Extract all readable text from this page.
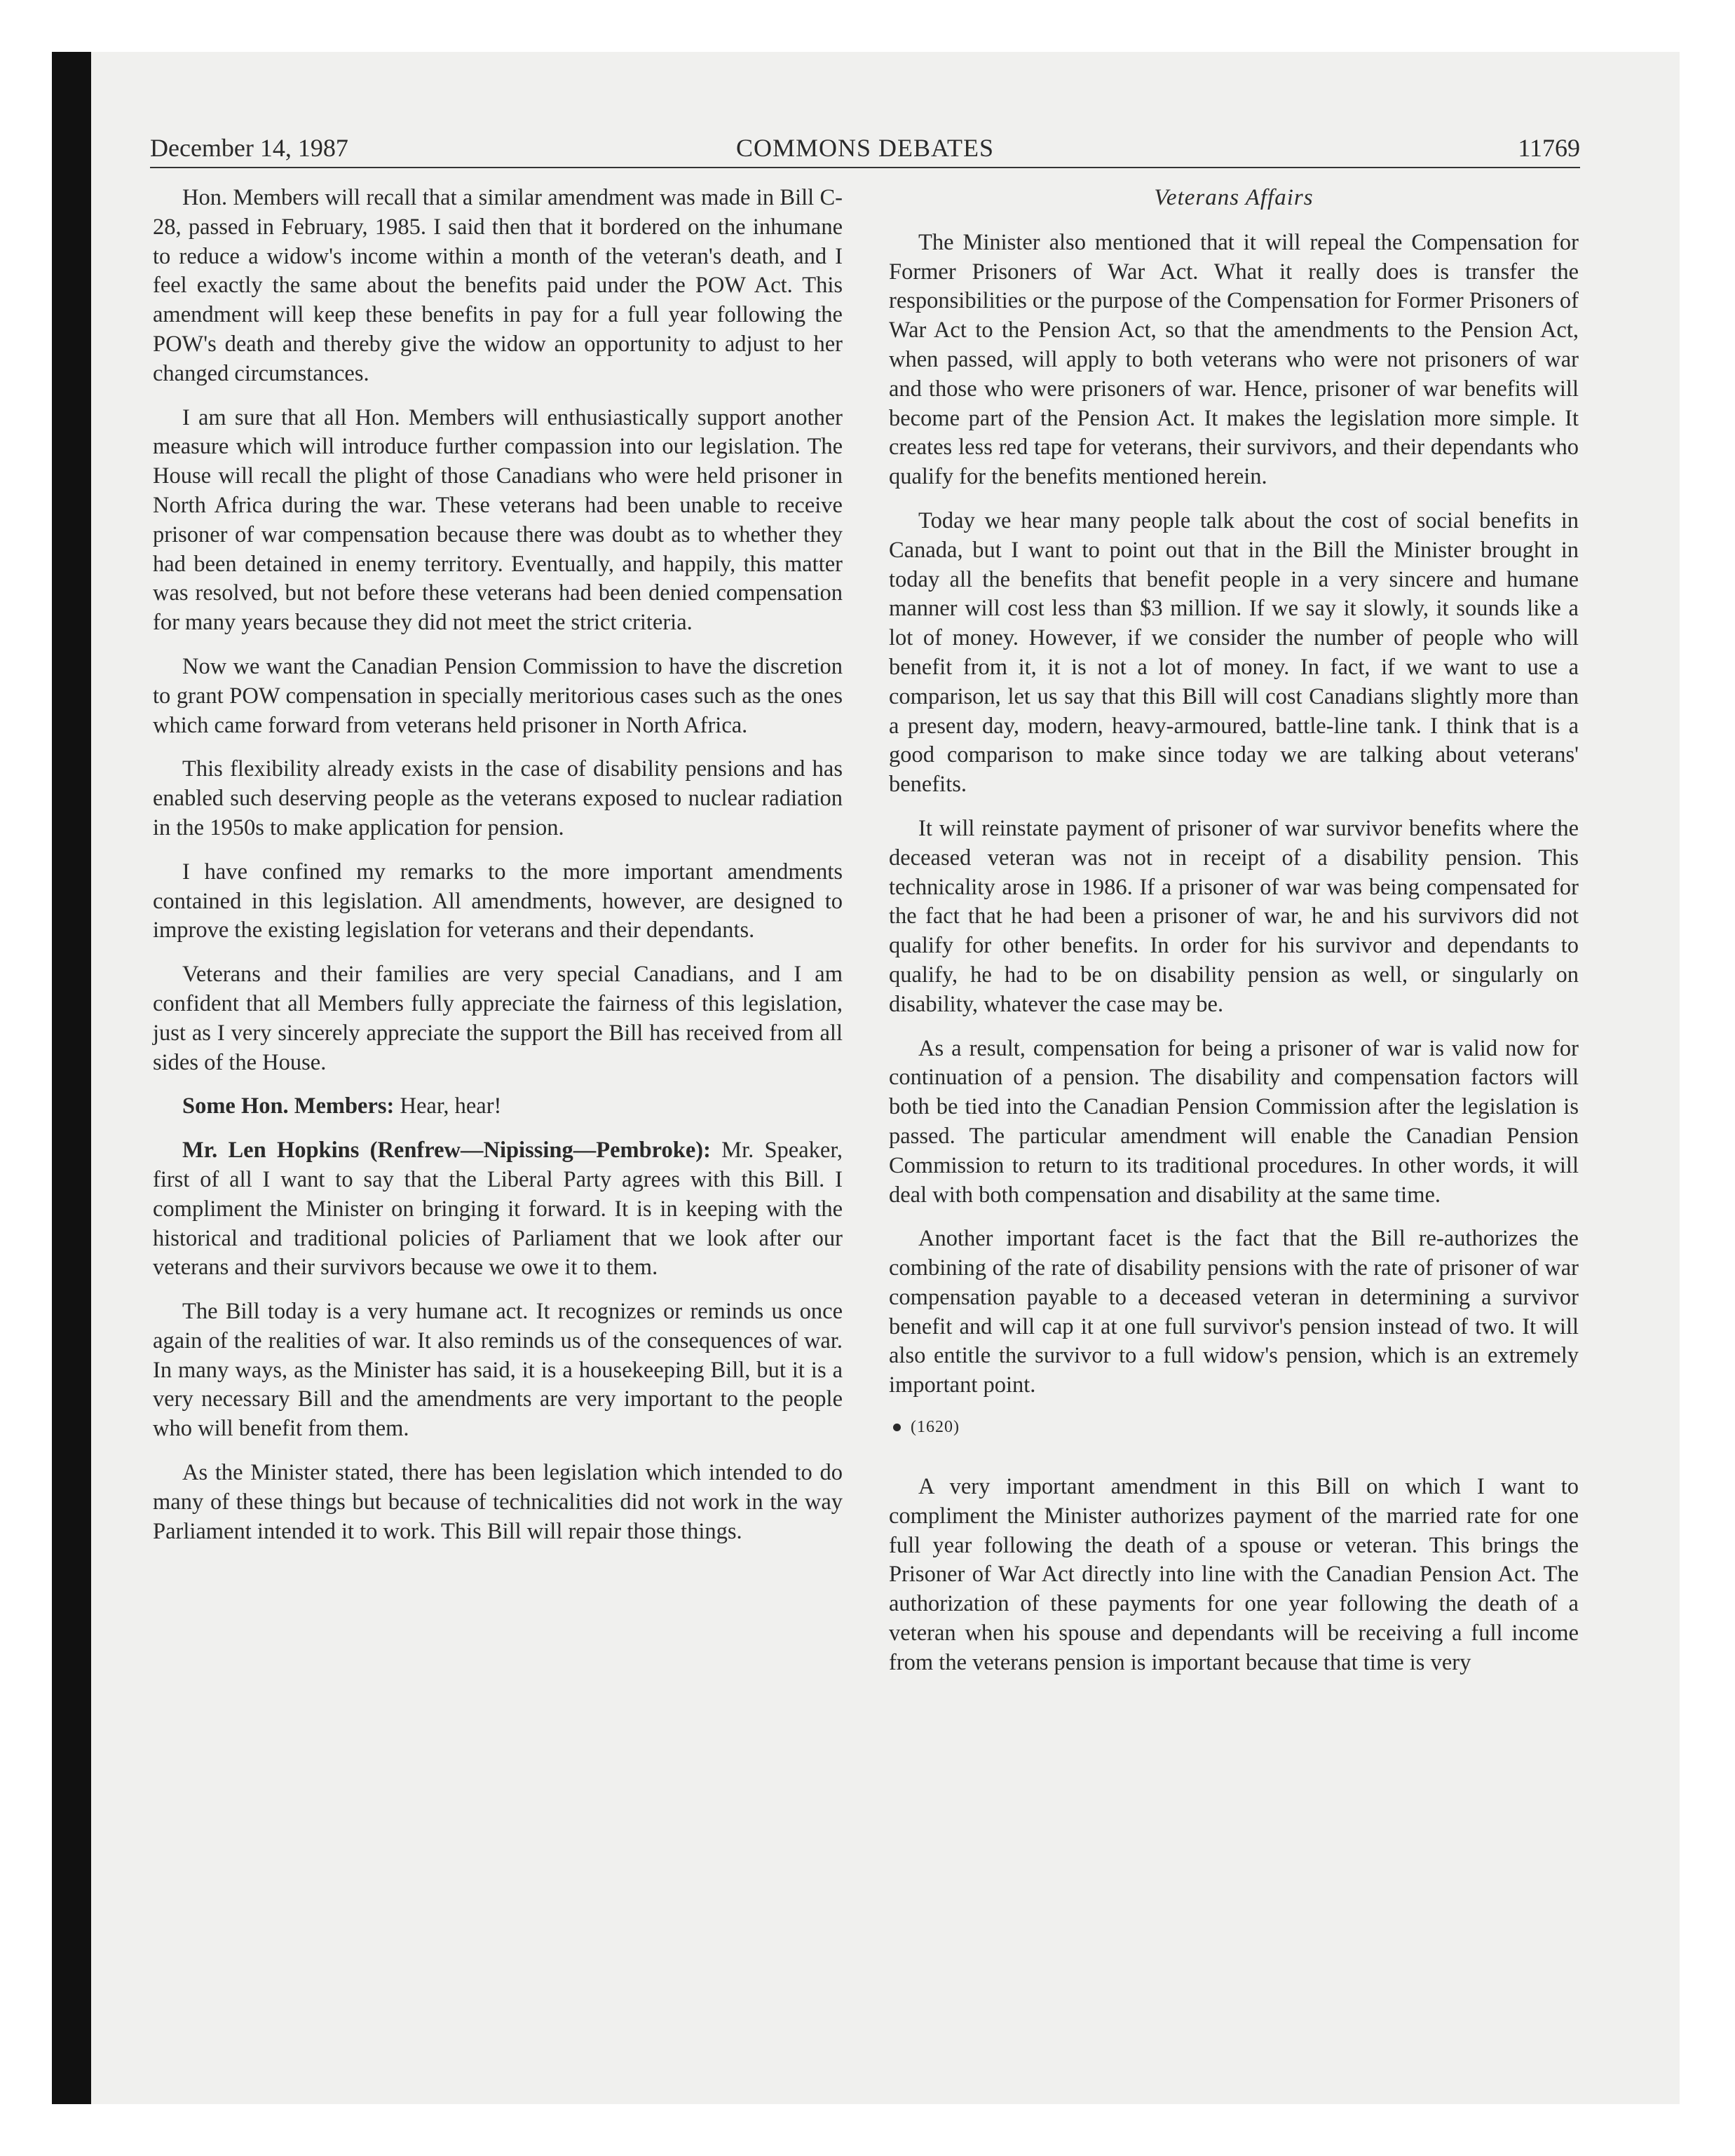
December 14, 1987	COMMONS DEBATES	11769

Hon. Members will recall that a similar amendment was made in Bill C-28, passed in February, 1985. I said then that it bordered on the inhumane to reduce a widow's income within a month of the veteran's death, and I feel exactly the same about the benefits paid under the POW Act. This amendment will keep these benefits in pay for a full year following the POW's death and thereby give the widow an opportunity to adjust to her changed circumstances.

I am sure that all Hon. Members will enthusiastically support another measure which will introduce further compassion into our legislation. The House will recall the plight of those Canadians who were held prisoner in North Africa during the war. These veterans had been unable to receive prisoner of war compensation because there was doubt as to whether they had been detained in enemy territory. Eventually, and happily, this matter was resolved, but not before these veterans had been denied compensation for many years because they did not meet the strict criteria.

Now we want the Canadian Pension Commission to have the discretion to grant POW compensation in specially meritorious cases such as the ones which came forward from veterans held prisoner in North Africa.

This flexibility already exists in the case of disability pensions and has enabled such deserving people as the veterans exposed to nuclear radiation in the 1950s to make application for pension.

I have confined my remarks to the more important amendments contained in this legislation. All amendments, however, are designed to improve the existing legislation for veterans and their dependants.

Veterans and their families are very special Canadians, and I am confident that all Members fully appreciate the fairness of this legislation, just as I very sincerely appreciate the support the Bill has received from all sides of the House.

Some Hon. Members: Hear, hear!

Mr. Len Hopkins (Renfrew—Nipissing—Pembroke): Mr. Speaker, first of all I want to say that the Liberal Party agrees with this Bill. I compliment the Minister on bringing it forward. It is in keeping with the historical and traditional policies of Parliament that we look after our veterans and their survivors because we owe it to them.

The Bill today is a very humane act. It recognizes or reminds us once again of the realities of war. It also reminds us of the consequences of war. In many ways, as the Minister has said, it is a housekeeping Bill, but it is a very necessary Bill and the amendments are very important to the people who will benefit from them.

As the Minister stated, there has been legislation which intended to do many of these things but because of technicalities did not work in the way Parliament intended it to work. This Bill will repair those things.

Veterans Affairs

The Minister also mentioned that it will repeal the Compensation for Former Prisoners of War Act. What it really does is transfer the responsibilities or the purpose of the Compensation for Former Prisoners of War Act to the Pension Act, so that the amendments to the Pension Act, when passed, will apply to both veterans who were not prisoners of war and those who were prisoners of war. Hence, prisoner of war benefits will become part of the Pension Act. It makes the legislation more simple. It creates less red tape for veterans, their survivors, and their dependants who qualify for the benefits mentioned herein.

Today we hear many people talk about the cost of social benefits in Canada, but I want to point out that in the Bill the Minister brought in today all the benefits that benefit people in a very sincere and humane manner will cost less than $3 million. If we say it slowly, it sounds like a lot of money. However, if we consider the number of people who will benefit from it, it is not a lot of money. In fact, if we want to use a comparison, let us say that this Bill will cost Canadians slightly more than a present day, modern, heavy-armoured, battle-line tank. I think that is a good comparison to make since today we are talking about veterans' benefits.

It will reinstate payment of prisoner of war survivor benefits where the deceased veteran was not in receipt of a disability pension. This technicality arose in 1986. If a prisoner of war was being compensated for the fact that he had been a prisoner of war, he and his survivors did not qualify for other benefits. In order for his survivor and dependants to qualify, he had to be on disability pension as well, or singularly on disability, whatever the case may be.

As a result, compensation for being a prisoner of war is valid now for continuation of a pension. The disability and compensation factors will both be tied into the Canadian Pension Commission after the legislation is passed. The particular amendment will enable the Canadian Pension Commission to return to its traditional procedures. In other words, it will deal with both compensation and disability at the same time.

Another important facet is the fact that the Bill re-authorizes the combining of the rate of disability pensions with the rate of prisoner of war compensation payable to a deceased veteran in determining a survivor benefit and will cap it at one full survivor's pension instead of two. It will also entitle the survivor to a full widow's pension, which is an extremely important point.

(1620)

A very important amendment in this Bill on which I want to compliment the Minister authorizes payment of the married rate for one full year following the death of a spouse or veteran. This brings the Prisoner of War Act directly into line with the Canadian Pension Act. The authorization of these payments for one year following the death of a veteran when his spouse and dependants will be receiving a full income from the veterans pension is important because that time is very
